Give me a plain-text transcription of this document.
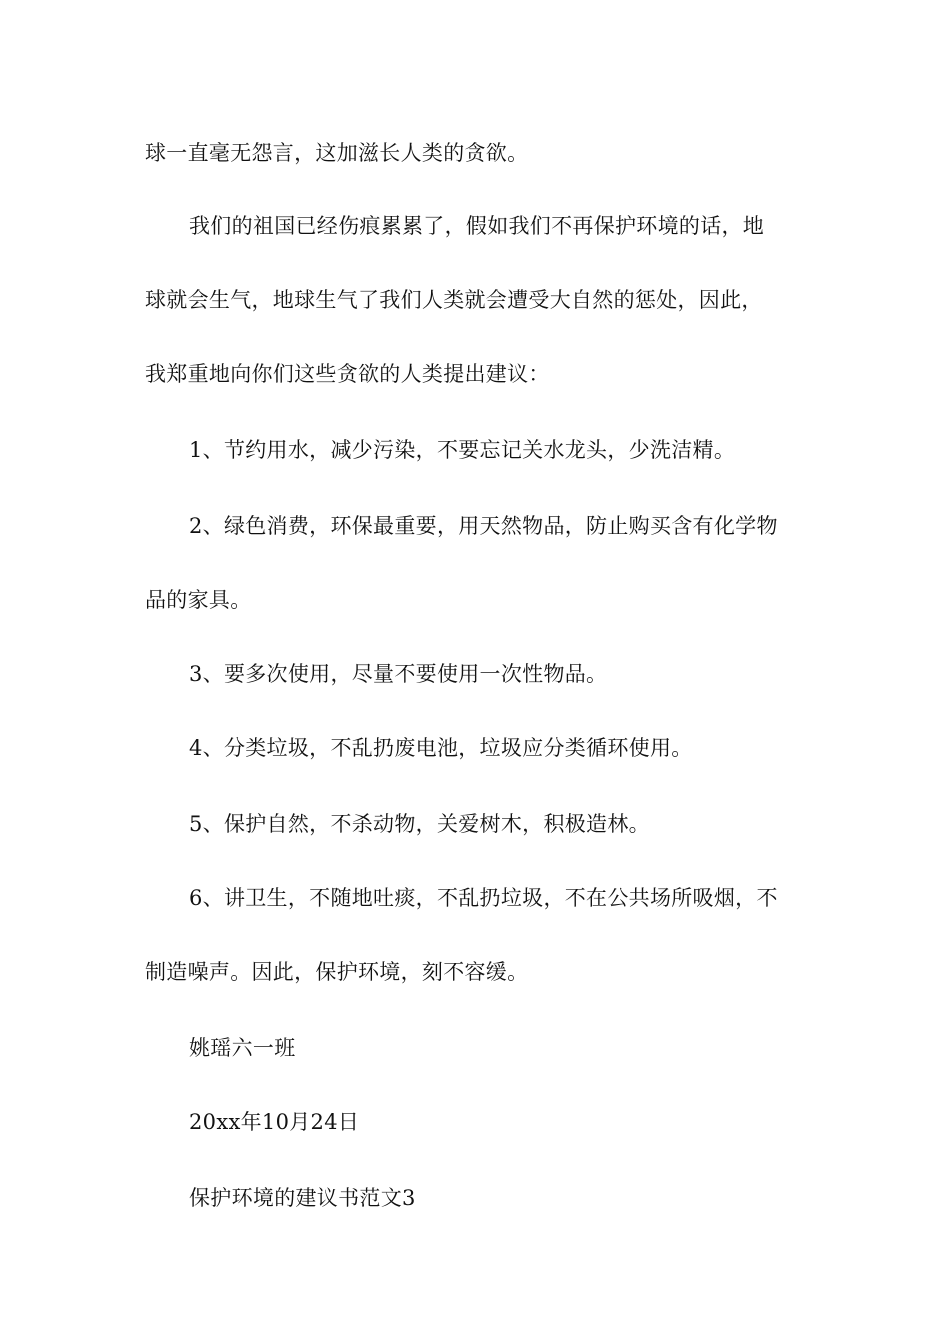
球一直毫无怨言，这加滋长人类的贪欲。
我们的祖国已经伤痕累累了，假如我们不再保护环境的话，地
球就会生气，地球生气了我们人类就会遭受大自然的惩处，因此，
我郑重地向你们这些贪欲的人类提出建议：
1、节约用水，减少污染，不要忘记关水龙头，少洗洁精。
2、绿色消费，环保最重要，用天然物品，防止购买含有化学物
品的家具。
3、要多次使用，尽量不要使用一次性物品。
4、分类垃圾，不乱扔废电池，垃圾应分类循环使用。
5、保护自然，不杀动物，关爱树木，积极造林。
6、讲卫生，不随地吐痰，不乱扔垃圾，不在公共场所吸烟，不
制造噪声。因此，保护环境，刻不容缓。
姚瑶六一班
20xx年10月24日
保护环境的建议书范文3
